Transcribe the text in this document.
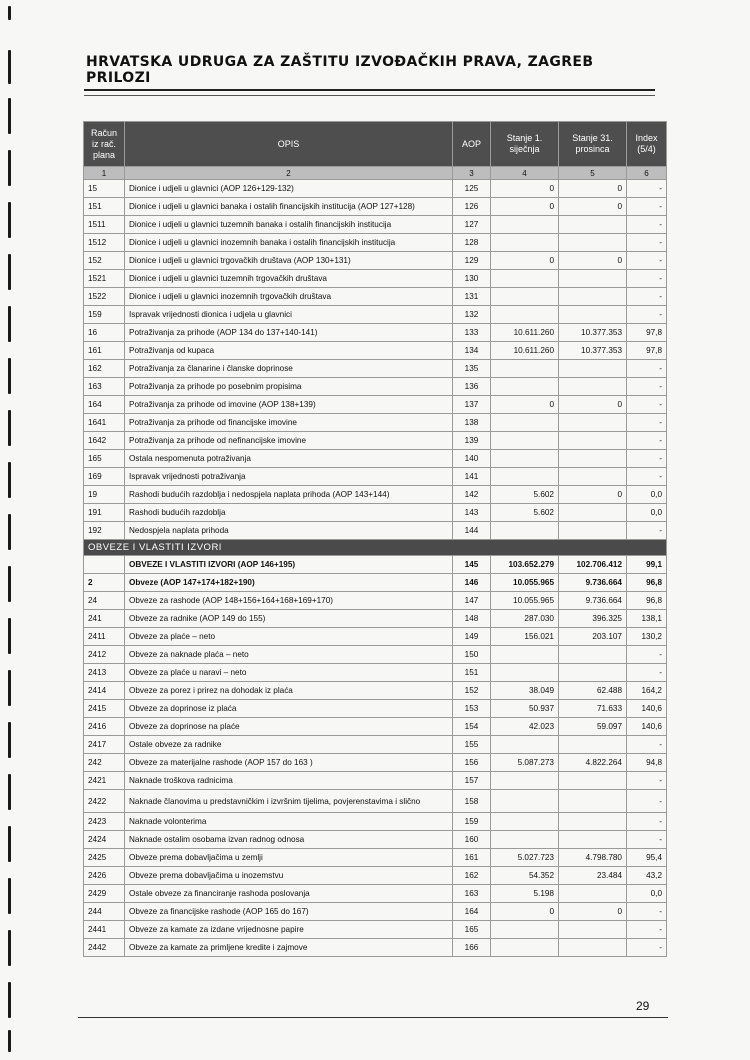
HRVATSKA UDRUGA ZA ZAŠTITU IZVOĐAČKIH PRAVA, ZAGREB
PRILOZI
Račun iz rač. plana	OPIS	AOP	Stanje 1. siječnja	Stanje 31. prosinca	Index (5/4)
1	2	3	4	5	6
15	Dionice i udjeli u glavnici (AOP 126+129-132)	125	0	0	-
151	Dionice i udjeli u glavnici banaka i ostalih financijskih institucija (AOP 127+128)	126	0	0	-
1511	Dionice i udjeli u glavnici tuzemnih banaka i ostalih financijskih institucija	127			-
1512	Dionice i udjeli u glavnici inozemnih banaka i ostalih financijskih institucija	128			-
152	Dionice i udjeli u glavnici trgovačkih društava (AOP 130+131)	129	0	0	-
1521	Dionice i udjeli u glavnici tuzemnih trgovačkih društava	130			-
1522	Dionice i udjeli u glavnici inozemnih trgovačkih društava	131			-
159	Ispravak vrijednosti dionica i udjela u glavnici	132			-
16	Potraživanja za prihode (AOP 134 do 137+140-141)	133	10.611.260	10.377.353	97,8
161	Potraživanja od kupaca	134	10.611.260	10.377.353	97,8
162	Potraživanja za članarine i članske doprinose	135			-
163	Potraživanja za prihode po posebnim propisima	136			-
164	Potraživanja za prihode od imovine (AOP 138+139)	137	0	0	-
1641	Potraživanja za prihode od financijske imovine	138			-
1642	Potraživanja za prihode od nefinancijske imovine	139			-
165	Ostala nespomenuta potraživanja	140			-
169	Ispravak vrijednosti potraživanja	141			-
19	Rashodi budućih razdoblja i nedospjela naplata prihoda (AOP 143+144)	142	5.602	0	0,0
191	Rashodi budućih razdoblja	143	5.602		0,0
192	Nedospjela naplata prihoda	144			-
OBVEZE I VLASTITI IZVORI					
	OBVEZE I VLASTITI IZVORI (AOP 146+195)	145	103.652.279	102.706.412	99,1
2	Obveze (AOP 147+174+182+190)	146	10.055.965	9.736.664	96,8
24	Obveze za rashode (AOP 148+156+164+168+169+170)	147	10.055.965	9.736.664	96,8
241	Obveze za radnike (AOP 149 do 155)	148	287.030	396.325	138,1
2411	Obveze za plaće – neto	149	156.021	203.107	130,2
2412	Obveze za naknade plaća – neto	150			-
2413	Obveze za plaće u naravi – neto	151			-
2414	Obveze za porez i prirez na dohodak iz plaća	152	38.049	62.488	164,2
2415	Obveze za doprinose iz plaća	153	50.937	71.633	140,6
2416	Obveze za doprinose na plaće	154	42.023	59.097	140,6
2417	Ostale obveze za radnike	155			-
242	Obveze za materijalne rashode (AOP 157 do 163 )	156	5.087.273	4.822.264	94,8
2421	Naknade troškova radnicima	157			-
2422	Naknade članovima u predstavničkim i izvršnim tijelima, povjerenstavima i slično	158			-
2423	Naknade volonterima	159			-
2424	Naknade ostalim osobama izvan radnog odnosa	160			-
2425	Obveze prema dobavljačima u zemlji	161	5.027.723	4.798.780	95,4
2426	Obveze prema dobavljačima u inozemstvu	162	54.352	23.484	43,2
2429	Ostale obveze za financiranje rashoda poslovanja	163	5.198		0,0
244	Obveze za financijske rashode (AOP 165 do 167)	164	0	0	-
2441	Obveze za kamate za izdane vrijednosne papire	165			-
2442	Obveze za kamate za primljene kredite i zajmove	166			-
29
